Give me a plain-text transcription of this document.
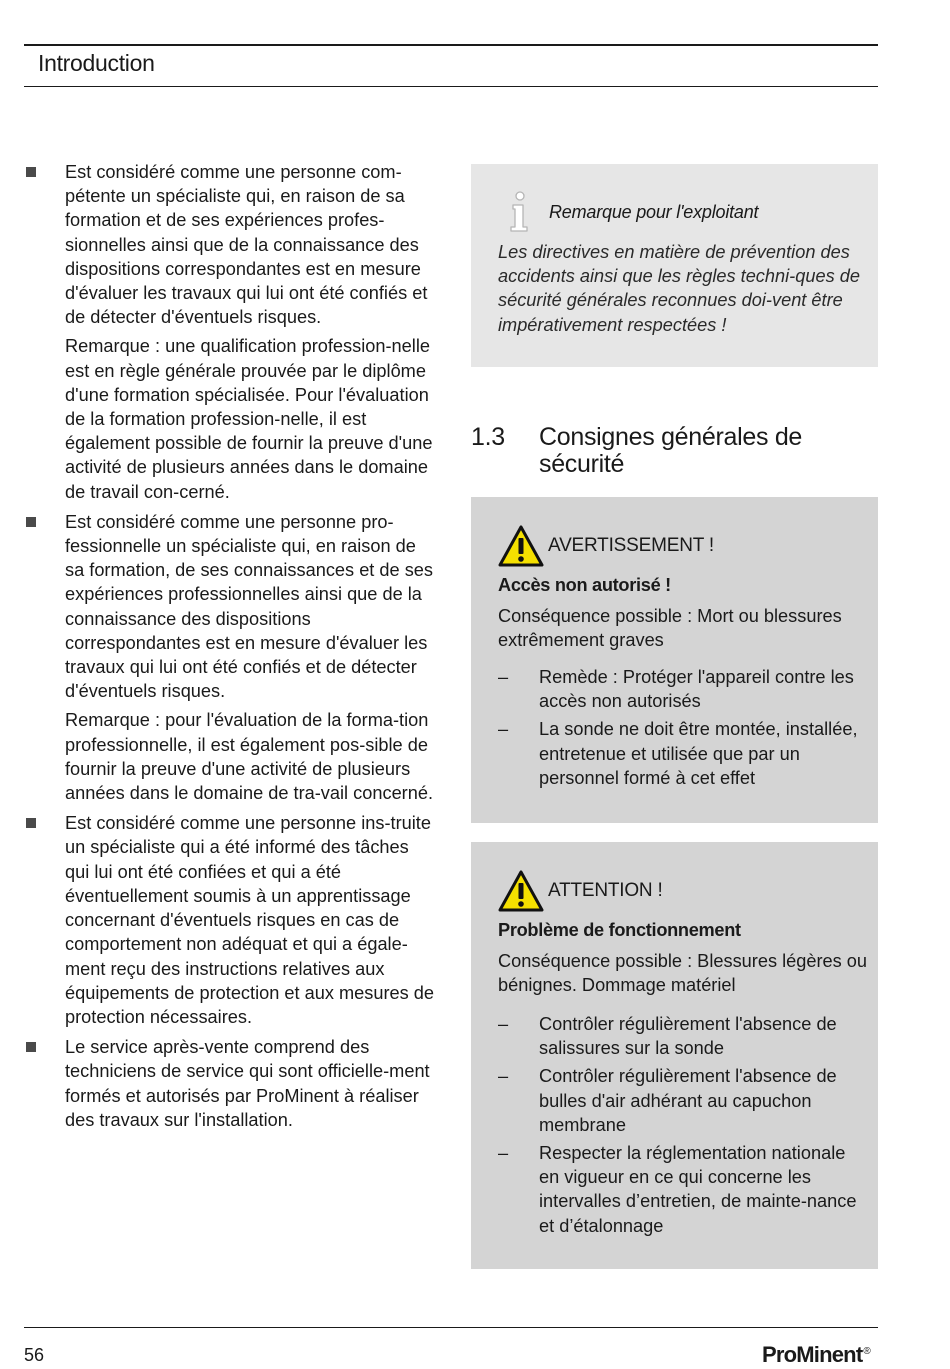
Introduction

Est considéré comme une personne com-pétente un spécialiste qui, en raison de sa formation et de ses expériences profes-sionnelles ainsi que de la connaissance des dispositions correspondantes est en mesure d'évaluer les travaux qui lui ont été confiés et de détecter d'éventuels risques.

Remarque : une qualification profession-nelle est en règle générale prouvée par le diplôme d'une formation spécialisée. Pour l'évaluation de la formation profession-nelle, il est également possible de fournir la preuve d'une activité de plusieurs années dans le domaine de travail con-cerné.

Est considéré comme une personne pro-fessionnelle un spécialiste qui, en raison de sa formation, de ses connaissances et de ses expériences professionnelles ainsi que de la connaissance des dispositions correspondantes est en mesure d'évaluer les travaux qui lui ont été confiés et de détecter d'éventuels risques.

Remarque : pour l'évaluation de la forma-tion professionnelle, il est également pos-sible de fournir la preuve d'une activité de plusieurs années dans le domaine de tra-vail concerné.

Est considéré comme une personne ins-truite un spécialiste qui a été informé des tâches qui lui ont été confiées et qui a été éventuellement soumis à un apprentissage concernant d'éventuels risques en cas de comportement non adéquat et qui a égale-ment reçu des instructions relatives aux équipements de protection et aux mesures de protection nécessaires.

Le service après-vente comprend des techniciens de service qui sont officielle-ment formés et autorisés par ProMinent à réaliser des travaux sur l'installation.

Remarque pour l'exploitant
Les directives en matière de prévention des accidents ainsi que les règles techni-ques de sécurité générales reconnues doi-vent être impérativement respectées !
1.3 Consignes générales de sécurité
AVERTISSEMENT !
Accès non autorisé !
Conséquence possible : Mort ou blessures extrêmement graves
– Remède : Protéger l'appareil contre les accès non autorisés
– La sonde ne doit être montée, installée, entretenue et utilisée que par un personnel formé à cet effet
ATTENTION !
Problème de fonctionnement
Conséquence possible : Blessures légères ou bénignes. Dommage matériel
– Contrôler régulièrement l'absence de salissures sur la sonde
– Contrôler régulièrement l'absence de bulles d'air adhérant au capuchon membrane
– Respecter la réglementation nationale en vigueur en ce qui concerne les intervalles d’entretien, de mainte-nance et d’étalonnage
56	ProMinent®
